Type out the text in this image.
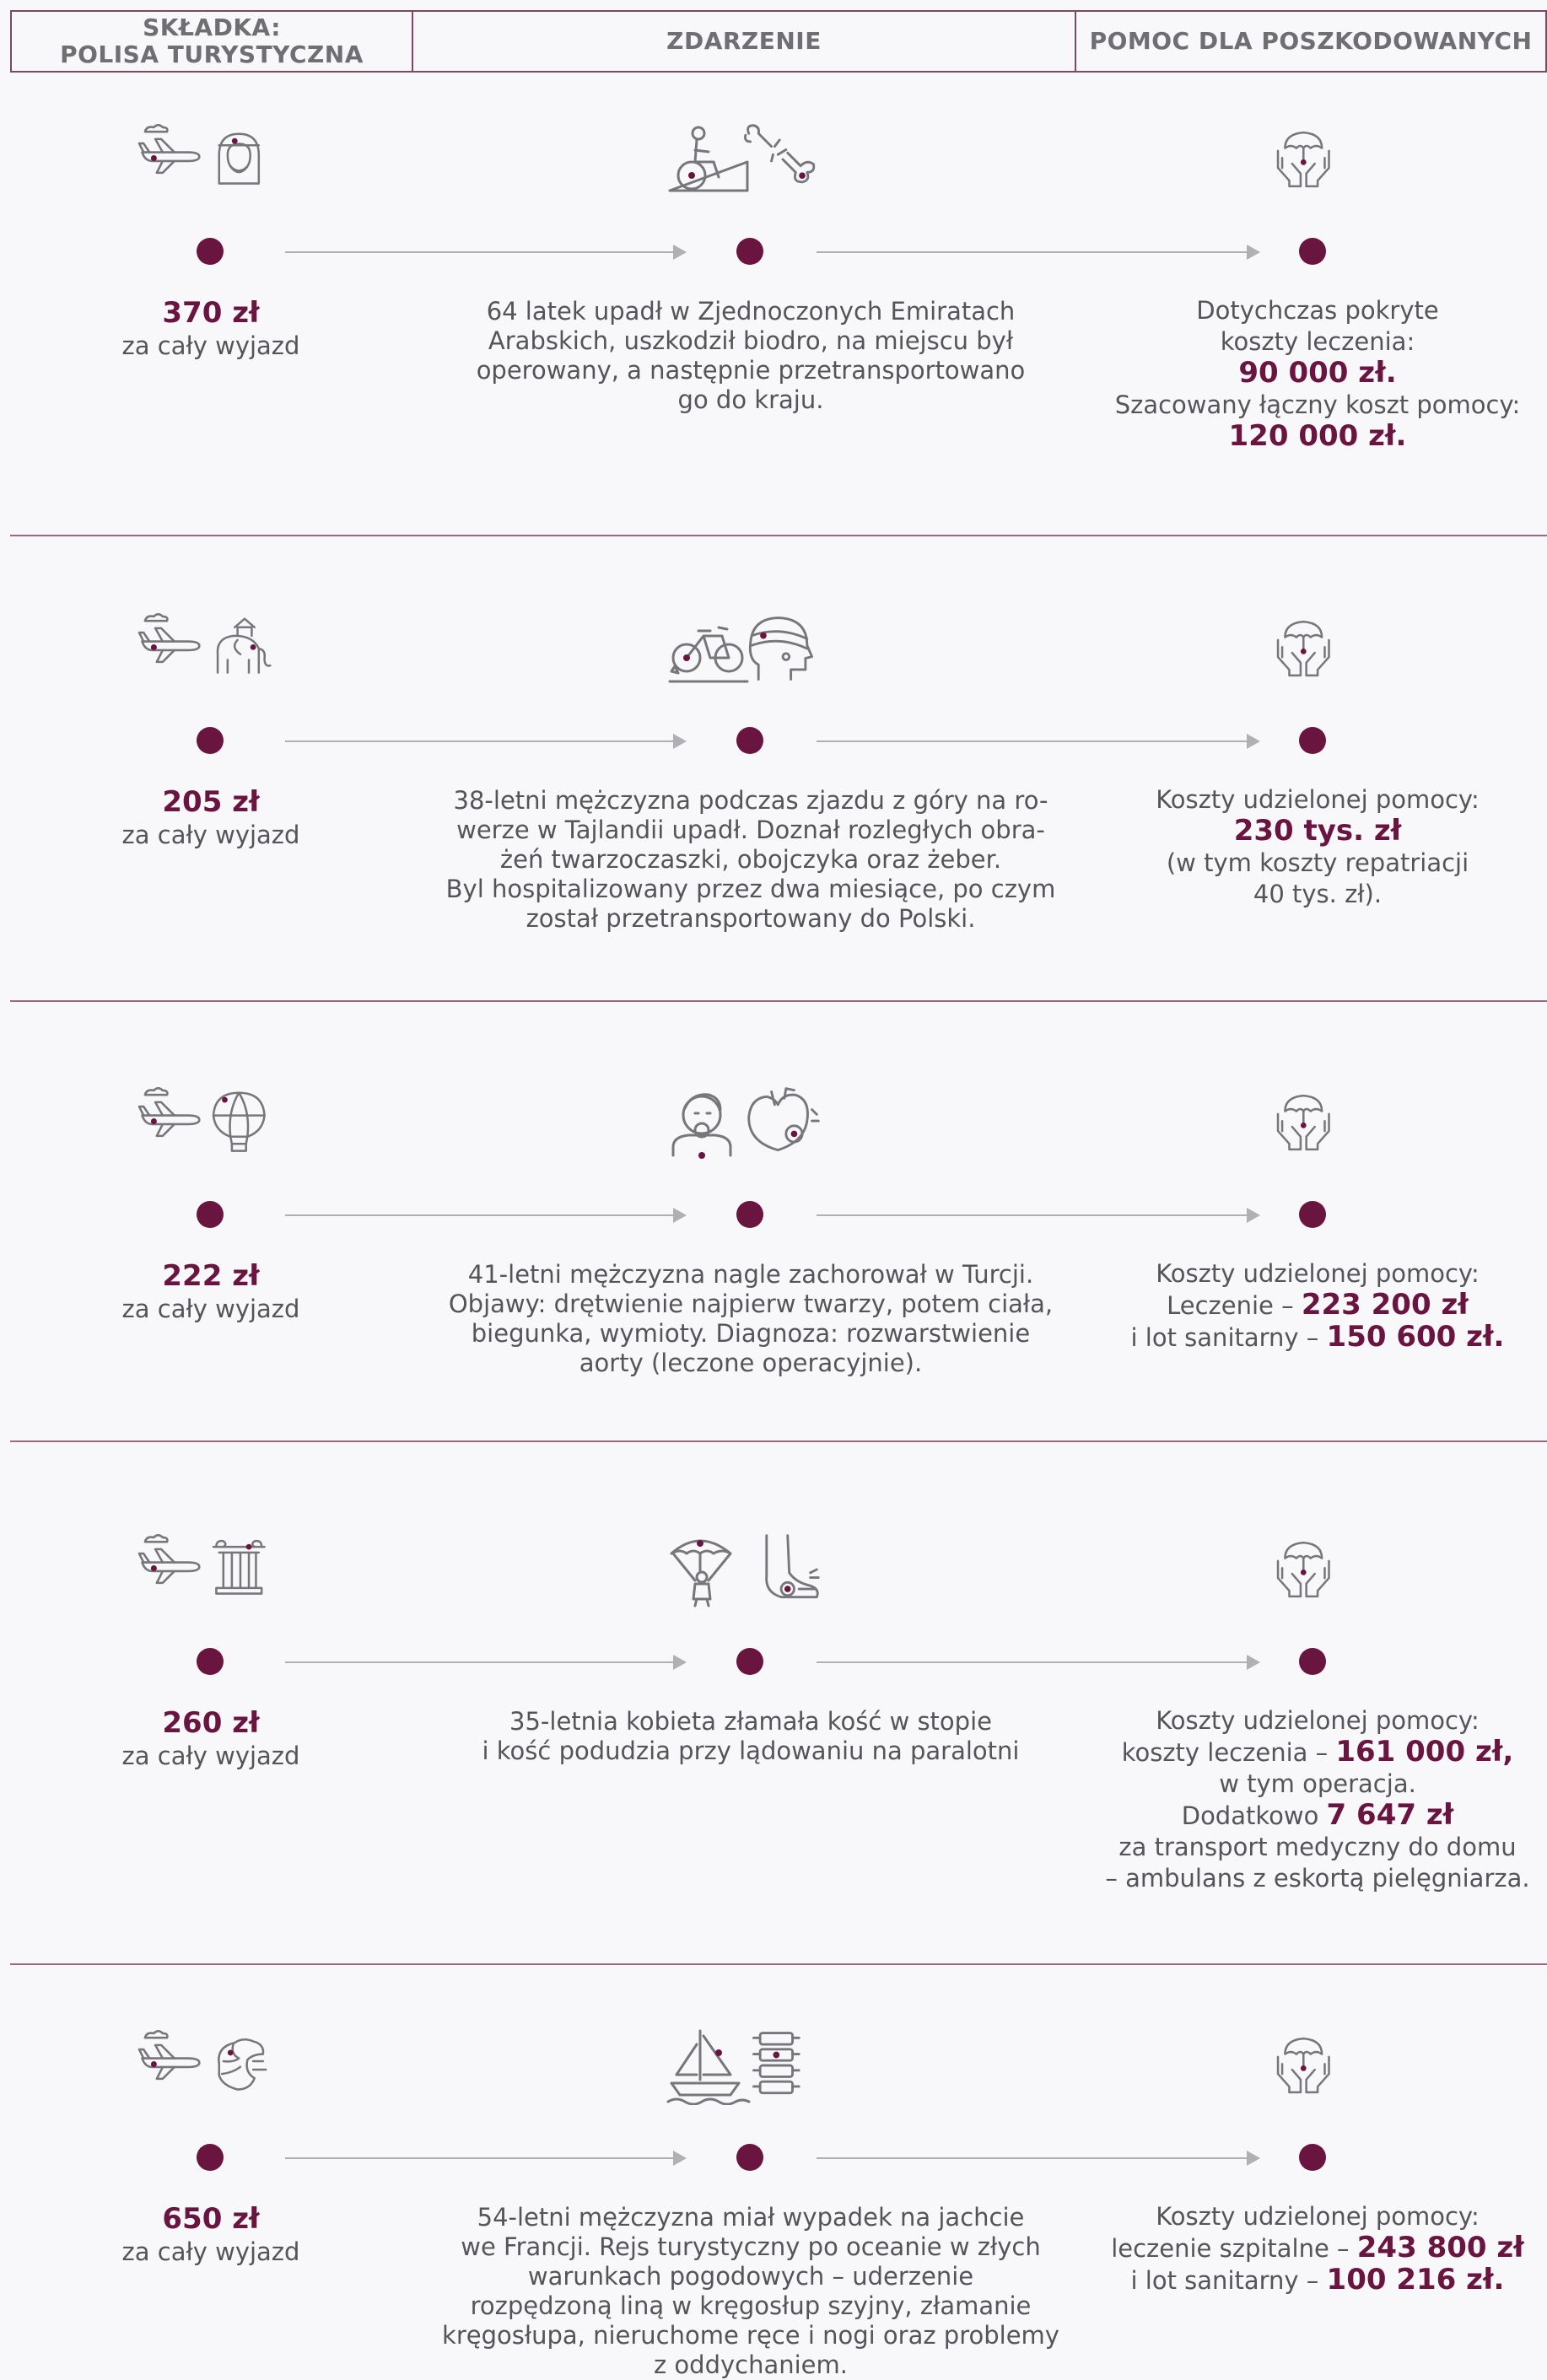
SKŁADKA:
POLISA TURYSTYCZNA	ZDARZENIE	POMOC DLA POSZKODOWANYCH
370 zł
za cały wyjazd
64 latek upadł w Zjednoczonych Emiratach
Arabskich, uszkodził biodro, na miejscu był
operowany, a następnie przetransportowano
go do kraju.
Dotychczas pokryte
koszty leczenia:
90 000 zł.
Szacowany łączny koszt pomocy:
120 000 zł.
205 zł
za cały wyjazd
38-letni mężczyzna podczas zjazdu z góry na ro-
werze w Tajlandii upadł. Doznał rozległych obra-
żeń twarzoczaszki, obojczyka oraz żeber.
Byl hospitalizowany przez dwa miesiące, po czym
został przetransportowany do Polski.
Koszty udzielonej pomocy:
230 tys. zł
(w tym koszty repatriacji
40 tys. zł).
222 zł
za cały wyjazd
41-letni mężczyzna nagle zachorował w Turcji.
Objawy: drętwienie najpierw twarzy, potem ciała,
biegunka, wymioty. Diagnoza: rozwarstwienie
aorty (leczone operacyjnie).
Koszty udzielonej pomocy:
Leczenie – 223 200 zł
i lot sanitarny – 150 600 zł.
260 zł
za cały wyjazd
35-letnia kobieta złamała kość w stopie
i kość podudzia przy lądowaniu na paralotni
Koszty udzielonej pomocy:
koszty leczenia – 161 000 zł,
w tym operacja.
Dodatkowo 7 647 zł
za transport medyczny do domu
– ambulans z eskortą pielęgniarza.
650 zł
za cały wyjazd
54-letni mężczyzna miał wypadek na jachcie
we Francji. Rejs turystyczny po oceanie w złych
warunkach pogodowych – uderzenie
rozpędzoną liną w kręgosłup szyjny, złamanie
kręgosłupa, nieruchome ręce i nogi oraz problemy
z oddychaniem.
Koszty udzielonej pomocy:
leczenie szpitalne – 243 800 zł
i lot sanitarny – 100 216 zł.
